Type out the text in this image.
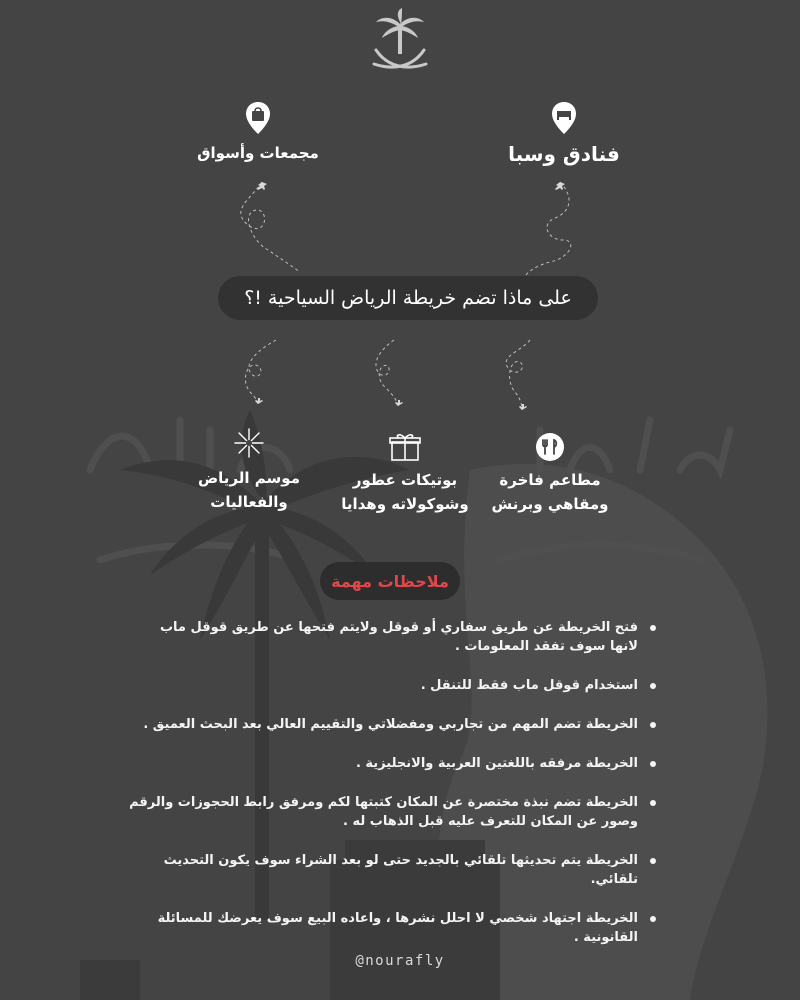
فنادق وسبا
مجمعات وأسواق
على ماذا تضم خريطة الرياض السياحية !؟
مطاعم فاخرة
ومقاهي وبرنش
بوتيكات عطور
وشوكولاته وهدايا
موسم الرياض
والفعاليات
ملاحظات مهمة
فتح الخريطة عن طريق سفاري أو قوقل ولايتم فتحها عن طريق قوقل ماب لانها سوف تفقد المعلومات .
استخدام قوقل ماب فقط للتنقل .
الخريطة تضم المهم من تجاربي ومفضلاتي والتقييم العالي بعد البحث العميق .
الخريطة مرفقه باللغتين العربية والانجليزية .
الخريطة تضم نبذة مختصرة عن المكان كتبتها لكم ومرفق رابط الحجوزات والرقم وصور عن المكان للتعرف عليه قبل الذهاب له .
الخريطة يتم تحديثها تلقائي بالجديد حتى لو بعد الشراء سوف يكون التحديث تلقائي.
الخريطة اجتهاد شخصي لا احلل نشرها ، واعاده البيع سوف يعرضك للمسائلة القانونية .
@nourafly
